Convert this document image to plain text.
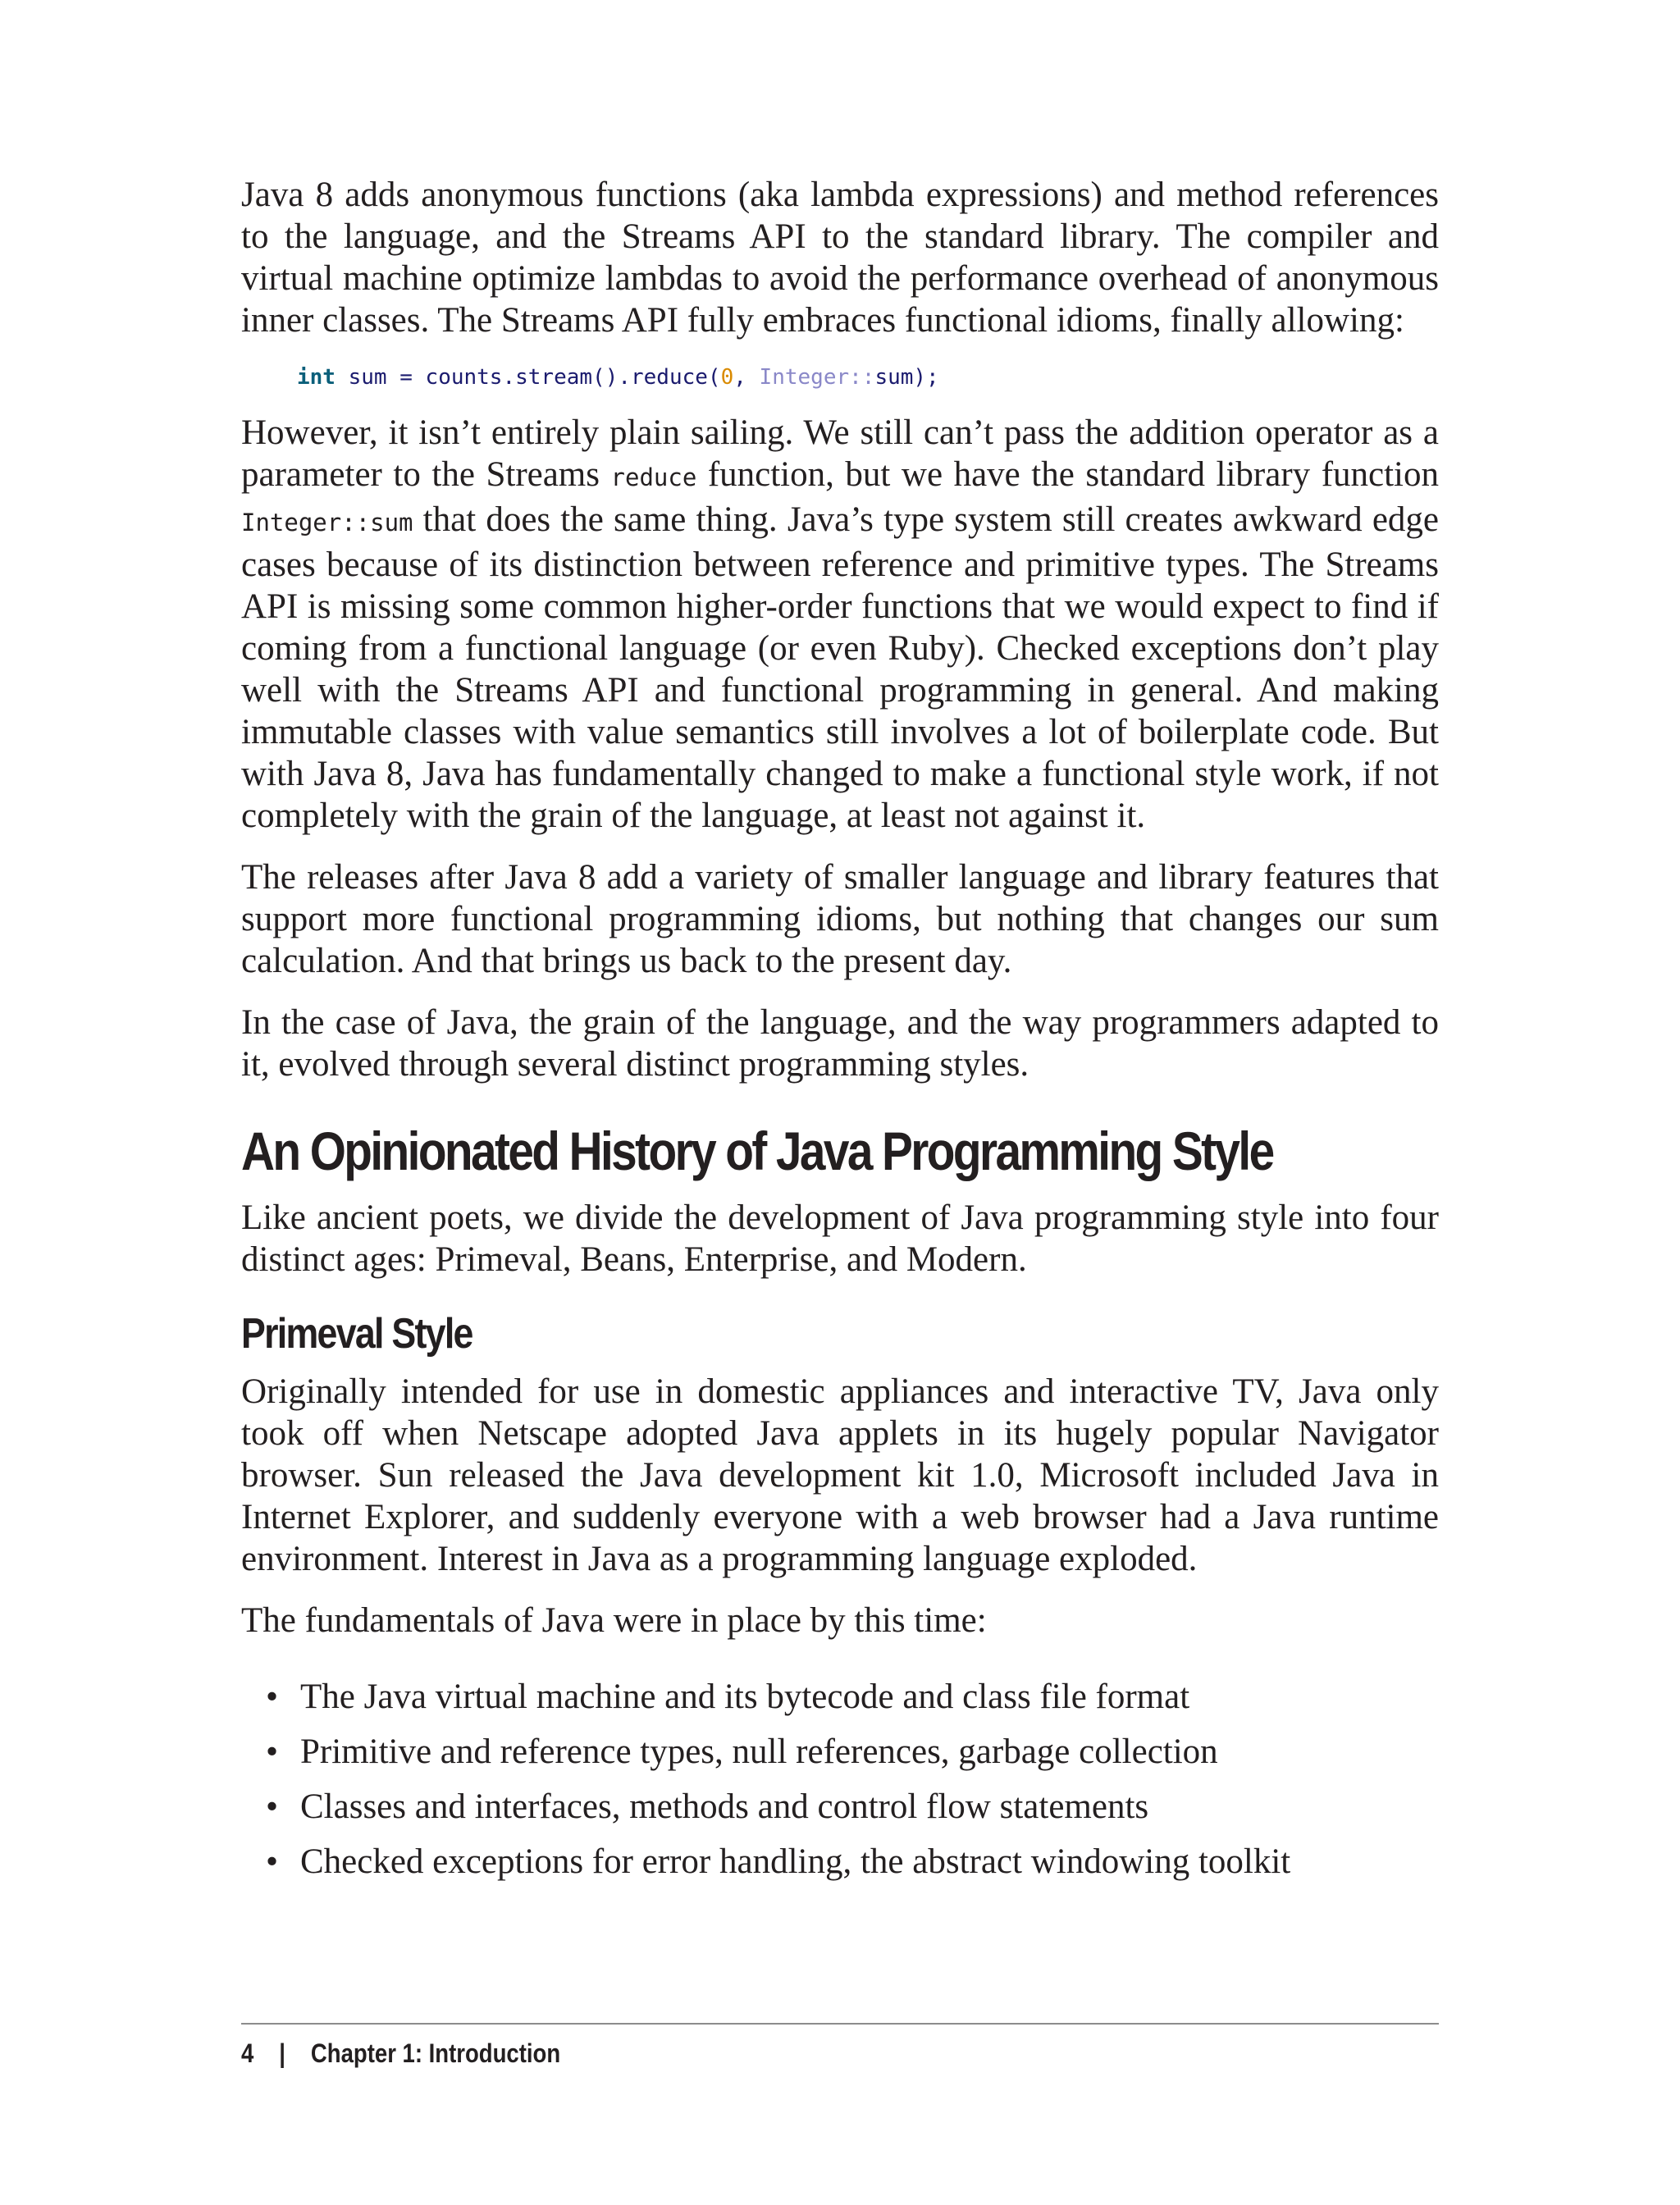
Java 8 adds anonymous functions (aka lambda expressions) and method references to the language, and the Streams API to the standard library. The compiler and virtual machine optimize lambdas to avoid the performance overhead of anonymous inner classes. The Streams API fully embraces functional idioms, finally allowing:

int sum = counts.stream().reduce(0, Integer::sum);

However, it isn’t entirely plain sailing. We still can’t pass the addition operator as a parameter to the Streams reduce function, but we have the standard library function Integer::sum that does the same thing. Java’s type system still creates awkward edge cases because of its distinction between reference and primitive types. The Streams API is missing some common higher-order functions that we would expect to find if coming from a functional language (or even Ruby). Checked exceptions don’t play well with the Streams API and functional programming in general. And making immutable classes with value semantics still involves a lot of boilerplate code. But with Java 8, Java has fundamentally changed to make a functional style work, if not completely with the grain of the language, at least not against it.

The releases after Java 8 add a variety of smaller language and library features that support more functional programming idioms, but nothing that changes our sum calculation. And that brings us back to the present day.

In the case of Java, the grain of the language, and the way programmers adapted to it, evolved through several distinct programming styles.

An Opinionated History of Java Programming Style

Like ancient poets, we divide the development of Java programming style into four distinct ages: Primeval, Beans, Enterprise, and Modern.

Primeval Style

Originally intended for use in domestic appliances and interactive TV, Java only took off when Netscape adopted Java applets in its hugely popular Navigator browser. Sun released the Java development kit 1.0, Microsoft included Java in Internet Explorer, and suddenly everyone with a web browser had a Java runtime environment. Interest in Java as a programming language exploded.

The fundamentals of Java were in place by this time:

• The Java virtual machine and its bytecode and class file format
• Primitive and reference types, null references, garbage collection
• Classes and interfaces, methods and control flow statements
• Checked exceptions for error handling, the abstract windowing toolkit
4 | Chapter 1: Introduction
